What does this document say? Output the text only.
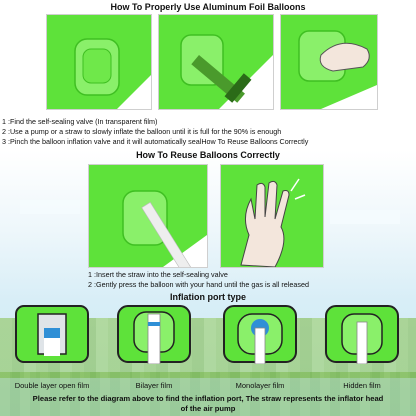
How To Properly Use Aluminum Foil Balloons
1 :Find the self-sealing valve (In transparent film)
2 :Use a pump or a straw to slowly inflate the balloon until it is full for the 90% is enough
3 :Pinch the balloon inflation valve and it will automatically sealHow To Reuse Balloons Correctly
How To Reuse Balloons Correctly
1 :Insert the straw into the self-sealing valve
2 :Gently press the balloon with your hand until the gas is all released
Inflation port type
Double layer open film	Bilayer film	Monolayer film	Hidden film
Please refer to the diagram above to find the inflation port, The straw represents the inflator head
of the air pump
